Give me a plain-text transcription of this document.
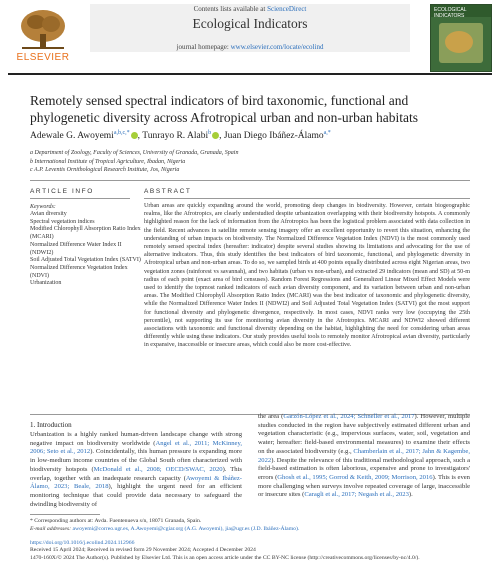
Contents lists available at ScienceDirect
Ecological Indicators
journal homepage: www.elsevier.com/locate/ecolind
ELSEVIER
ECOLOGICAL INDICATORS
Remotely sensed spectral indicators of bird taxonomic, functional and phylogenetic diversity across Afrotropical urban and non-urban habitats
Adewale G. Awoyemi$^{a,b,c,*}$ , Tunrayo R. Alabi$^b$ , Juan Diego Ibáñez-Álamo$^{a,*}$
a Department of Zoology, Faculty of Sciences, University of Granada, Granada, Spain
b International Institute of Tropical Agriculture, Ibadan, Nigeria
c A.P. Leventis Ornithological Research Institute, Jos, Nigeria
ARTICLE INFO
Keywords:
Avian diversity
Spectral vegetation indices
Modified Chlorophyll Absorption Ratio Index
(MCARI)
Normalized Difference Water Index II (NDWI2)
Soil Adjusted Total Vegetation Index (SATVI)
Normalized Difference Vegetation Index
(NDVI)
Urbanization
ABSTRACT
Urban areas are quickly expanding around the world, promoting deep changes in biodiversity. However, certain biogeographic realms, like the Afrotropics, are clearly understudied despite urbanization overlapping with their biodiversity hotspots. A commonly highlighted reason for the lack of information from the Afrotropics has been the logistical problem associated with data collection in the field. Recent advances in satellite remote sensing imagery offer an excellent opportunity to revert this situation, enhancing the understanding of urban impacts on biodiversity. The Normalized Difference Vegetation Index (NDVI) is the most commonly used remotely sensed spectral index (hereafter: indicator) despite several studies showing its limitations and advocating for the use of alternative indicators. Thus, this study identifies the best indicators of bird taxonomic, functional, and phylogenetic diversity in Afrotropical urban and non-urban areas. To do so, we sampled birds at 400 points equally distributed across eight Nigerian areas, two vegetation zones (rainforest vs savannah), and two habitats (urban vs non-urban), and extracted 29 indicators (mean and SD) at 50-m radius of each point (exact area of bird censuses). Random Forest Regressions and Generalized Linear Mixed Effect Models were used to identify the topmost ranked indicators of each avian diversity component, and its variation between urban and non-urban areas. The Modified Chlorophyll Absorption Ratio Index (MCARI) was the best indicator of taxonomic and phylogenetic diversity, while the Normalized Difference Water Index II (NDWI2) and Soil Adjusted Total Vegetation Index (SATVI) got the most support for functional diversity and phylogenetic divergence, respectively. In most cases, NDVI ranks very low (occupying the 25th percentile), not supporting its use for monitoring avian diversity in the Afrotropics. MCARI and NDWI2 showed different associations with taxonomic and functional diversity depending on the habitat, highlighting the need for considering urban areas differently while using these indicators. Our study provides useful tools to remotely monitor Afrotropical avian diversity, particularly in expansive, inaccessible or insecure areas, which could also be more cost-effective.
1. Introduction
Urbanization is a highly ranked human-driven landscape change with strong negative impact on biodiversity worldwide (Angel et al., 2011; McKinney, 2006; Seto et al., 2012). Coincidentally, this human pressure is expanding more in low-medium income countries of the Global South often characterized with biodiversity hotspots (McDonald et al., 2008; OECD/SWAC, 2020). This overlap, together with an inadequate research capacity (Awoyemi & Ibáñez-Álamo, 2023; Beale, 2018), highlight the urgent need for an efficient monitoring technique that could provide data necessary to safeguard the dwindling biodiversity of
the area (Garzón-López et al., 2024; Schneller et al., 2017). However, multiple studies conducted in the region have subjectively estimated different urban and vegetation characteristic (e.g., impervious surfaces, water, soil, vegetation and water; hereafter: field-based environmental measures) to examine their effects on the associated biodiversity (e.g., Chamberlain et al., 2017; Jahn & Kagembe, 2022). Despite the relevance of this traditional methodological approach, such a field-based estimation is often laborious, expensive and prone to investigators' errors (Ghosh et al., 1995; Gorrod & Keith, 2009; Morrison, 2016). This is even more challenging when surveys involve repeated coverage of large, inaccessible or insecure sites (Caragli et al., 2017; Negash et al., 2023).
* Corresponding authors at: Avda. Fuentenueva s/n, 18071 Granada, Spain.
E-mail addresses: awoyemi@correo.ugr.es, A.Awoyemi@cgiar.org (A.G. Awoyemi), jia@ugr.es (J.D. Ibáñez-Álamo).
https://doi.org/10.1016/j.ecolind.2024.112966
Received 15 April 2024; Received in revised form 29 November 2024; Accepted 4 December 2024
1470-160X/© 2024 The Author(s). Published by Elsevier Ltd. This is an open access article under the CC BY-NC license (http://creativecommons.org/licenses/by-nc/4.0/).
